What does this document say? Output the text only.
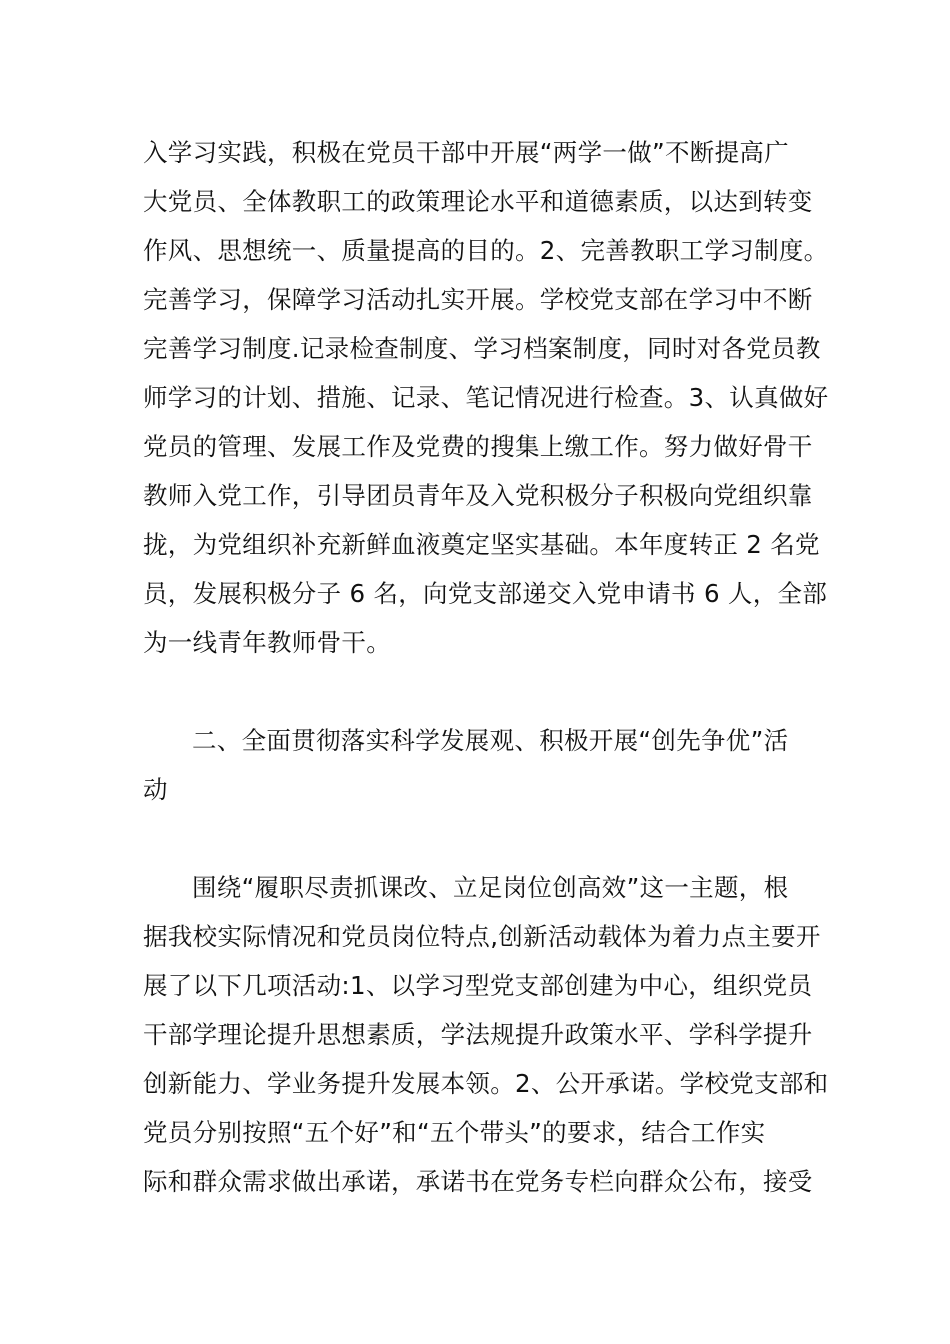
入学习实践，积极在党员干部中开展“两学一做”不断提高广
大党员、全体教职工的政策理论水平和道德素质，以达到转变
作风、思想统一、质量提高的目的。2、完善教职工学习制度。
完善学习，保障学习活动扎实开展。学校党支部在学习中不断
完善学习制度.记录检查制度、学习档案制度，同时对各党员教
师学习的计划、措施、记录、笔记情况进行检查。3、认真做好
党员的管理、发展工作及党费的搜集上缴工作。努力做好骨干
教师入党工作，引导团员青年及入党积极分子积极向党组织靠
拢，为党组织补充新鲜血液奠定坚实基础。本年度转正 2 名党
员，发展积极分子 6 名，向党支部递交入党申请书 6 人，全部
为一线青年教师骨干。
二、全面贯彻落实科学发展观、积极开展“创先争优”活
动
围绕“履职尽责抓课改、立足岗位创高效”这一主题，根
据我校实际情况和党员岗位特点,创新活动载体为着力点主要开
展了以下几项活动:1、以学习型党支部创建为中心，组织党员
干部学理论提升思想素质，学法规提升政策水平、学科学提升
创新能力、学业务提升发展本领。2、公开承诺。学校党支部和
党员分别按照“五个好”和“五个带头”的要求，结合工作实
际和群众需求做出承诺，承诺书在党务专栏向群众公布，接受
